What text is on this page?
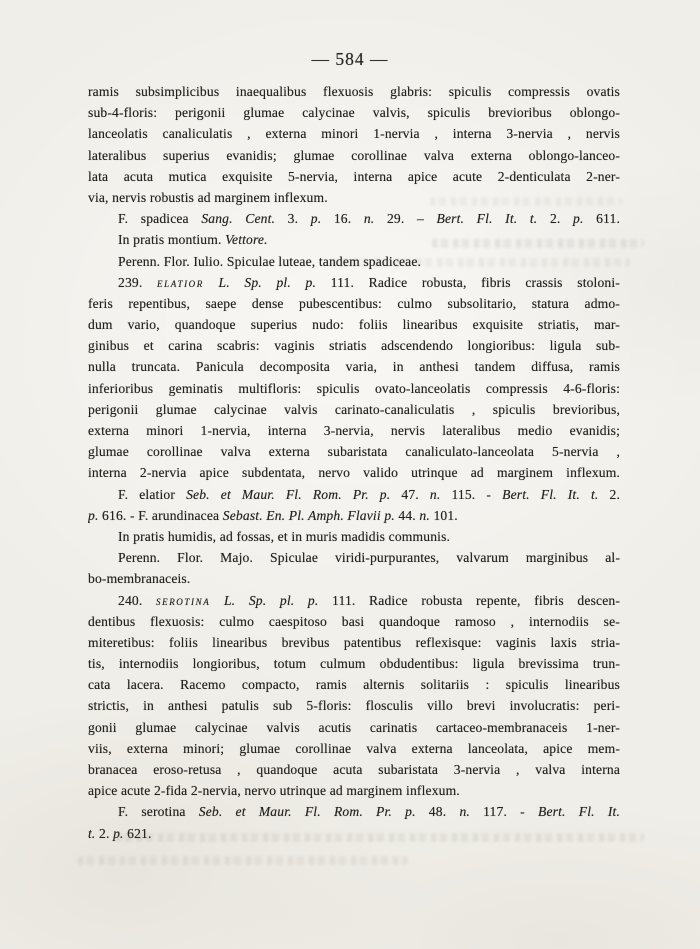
— 584 —
ramis subsimplicibus inaequalibus flexuosis glabris: spiculis compressis ovatis
sub-4-floris: perigonii glumae calycinae valvis, spiculis brevioribus oblongo-
lanceolatis canaliculatis , externa minori 1-nervia , interna 3-nervia , nervis
lateralibus superius evanidis; glumae corollinae valva externa oblongo-lanceo-
lata acuta mutica exquisite 5-nervia, interna apice acute 2-denticulata 2-ner-
via, nervis robustis ad marginem inflexum.
F. spadicea Sang. Cent. 3. p. 16. n. 29. – Bert. Fl. It. t. 2. p. 611.
In pratis montium. Vettore.
Perenn. Flor. Iulio. Spiculae luteae, tandem spadiceae.
239. elatior L. Sp. pl. p. 111. Radice robusta, fibris crassis stoloni-
feris repentibus, saepe dense pubescentibus: culmo subsolitario, statura admo-
dum vario, quandoque superius nudo: foliis linearibus exquisite striatis, mar-
ginibus et carina scabris: vaginis striatis adscendendo longioribus: ligula sub-
nulla truncata. Panicula decomposita varia, in anthesi tandem diffusa, ramis
inferioribus geminatis multifloris: spiculis ovato-lanceolatis compressis 4-6-floris:
perigonii glumae calycinae valvis carinato-canaliculatis , spiculis brevioribus,
externa minori 1-nervia, interna 3-nervia, nervis lateralibus medio evanidis;
glumae corollinae valva externa subaristata canaliculato-lanceolata 5-nervia ,
interna 2-nervia apice subdentata, nervo valido utrinque ad marginem inflexum.
F. elatior Seb. et Maur. Fl. Rom. Pr. p. 47. n. 115. - Bert. Fl. It. t. 2.
p. 616. - F. arundinacea Sebast. En. Pl. Amph. Flavii p. 44. n. 101.
In pratis humidis, ad fossas, et in muris madidis communis.
Perenn. Flor. Majo. Spiculae viridi-purpurantes, valvarum marginibus al-
bo-membranaceis.
240. serotina L. Sp. pl. p. 111. Radice robusta repente, fibris descen-
dentibus flexuosis: culmo caespitoso basi quandoque ramoso , internodiis se-
miteretibus: foliis linearibus brevibus patentibus reflexisque: vaginis laxis stria-
tis, internodiis longioribus, totum culmum obdudentibus: ligula brevissima trun-
cata lacera. Racemo compacto, ramis alternis solitariis : spiculis linearibus
strictis, in anthesi patulis sub 5-floris: flosculis villo brevi involucratis: peri-
gonii glumae calycinae valvis acutis carinatis cartaceo-membranaceis 1-ner-
viis, externa minori; glumae corollinae valva externa lanceolata, apice mem-
branacea eroso-retusa , quandoque acuta subaristata 3-nervia , valva interna
apice acute 2-fida 2-nervia, nervo utrinque ad marginem inflexum.
F. serotina Seb. et Maur. Fl. Rom. Pr. p. 48. n. 117. - Bert. Fl. It.
t. 2. p. 621.
